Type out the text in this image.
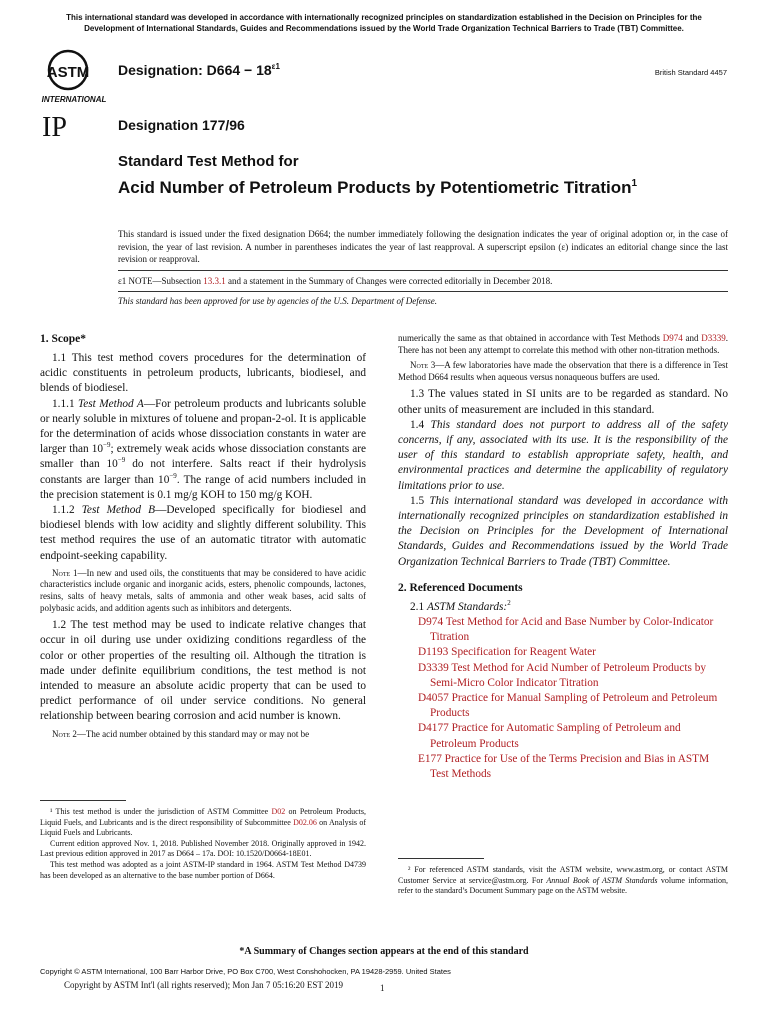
This international standard was developed in accordance with internationally recognized principles on standardization established in the Decision on Principles for the Development of International Standards, Guides and Recommendations issued by the World Trade Organization Technical Barriers to Trade (TBT) Committee.
ASTM
INTERNATIONAL
IP
Designation: $D664 - 18^{\varepsilon 1}$
British Standard 4457
Designation 177/96
Standard Test Method for
Acid Number of Petroleum Products by Potentiometric Titration$^1$

This standard is issued under the fixed designation D664; the number immediately following the designation indicates the year of original adoption or, in the case of revision, the year of last revision. A number in parentheses indicates the year of last reapproval. A superscript epsilon (ε) indicates an editorial change since the last revision or reapproval.

ε1 NOTE—Subsection 13.3.1 and a statement in the Summary of Changes were corrected editorially in December 2018.

This standard has been approved for use by agencies of the U.S. Department of Defense.

1. Scope*

1.1 This test method covers procedures for the determination of acidic constituents in petroleum products, lubricants, biodiesel, and blends of biodiesel.

1.1.1 Test Method A—For petroleum products and lubricants soluble or nearly soluble in mixtures of toluene and propan-2-ol. It is applicable for the determination of acids whose dissociation constants in water are larger than $10^{-9}$; extremely weak acids whose dissociation constants are smaller than $10^{-9}$ do not interfere. Salts react if their hydrolysis constants are larger than $10^{-9}$. The range of acid numbers included in the precision statement is 0.1 mg/g KOH to 150 mg/g KOH.

1.1.2 Test Method B—Developed specifically for biodiesel and biodiesel blends with low acidity and slightly different solubility. This test method requires the use of an automatic titrator with automatic endpoint-seeking capability.

Note 1—In new and used oils, the constituents that may be considered to have acidic characteristics include organic and inorganic acids, esters, phenolic compounds, lactones, resins, salts of heavy metals, salts of ammonia and other weak bases, acid salts of polybasic acids, and addition agents such as inhibitors and detergents.

1.2 The test method may be used to indicate relative changes that occur in oil during use under oxidizing conditions regardless of the color or other properties of the resulting oil. Although the titration is made under definite equilibrium conditions, the test method is not intended to measure an absolute acidic property that can be used to predict performance of oil under service conditions. No general relationship between bearing corrosion and acid number is known.

Note 2—The acid number obtained by this standard may or may not be

¹ This test method is under the jurisdiction of ASTM Committee D02 on Petroleum Products, Liquid Fuels, and Lubricants and is the direct responsibility of Subcommittee D02.06 on Analysis of Liquid Fuels and Lubricants.

Current edition approved Nov. 1, 2018. Published November 2018. Originally approved in 1942. Last previous edition approved in 2017 as D664 – 17a. DOI: 10.1520/D0664-18E01.

This test method was adopted as a joint ASTM-IP standard in 1964. ASTM Test Method D4739 has been developed as an alternative to the base number portion of D664.

numerically the same as that obtained in accordance with Test Methods D974 and D3339. There has not been any attempt to correlate this method with other non-titration methods.

Note 3—A few laboratories have made the observation that there is a difference in Test Method D664 results when aqueous versus nonaqueous buffers are used.

1.3 The values stated in SI units are to be regarded as standard. No other units of measurement are included in this standard.

1.4 This standard does not purport to address all of the safety concerns, if any, associated with its use. It is the responsibility of the user of this standard to establish appropriate safety, health, and environmental practices and determine the applicability of regulatory limitations prior to use.

1.5 This international standard was developed in accordance with internationally recognized principles on standardization established in the Decision on Principles for the Development of International Standards, Guides and Recommendations issued by the World Trade Organization Technical Barriers to Trade (TBT) Committee.

2. Referenced Documents

2.1 ASTM Standards:$^2$

D974 Test Method for Acid and Base Number by Color-Indicator Titration

D1193 Specification for Reagent Water

D3339 Test Method for Acid Number of Petroleum Products by Semi-Micro Color Indicator Titration

D4057 Practice for Manual Sampling of Petroleum and Petroleum Products

D4177 Practice for Automatic Sampling of Petroleum and Petroleum Products

E177 Practice for Use of the Terms Precision and Bias in ASTM Test Methods

² For referenced ASTM standards, visit the ASTM website, www.astm.org, or contact ASTM Customer Service at service@astm.org. For Annual Book of ASTM Standards volume information, refer to the standard’s Document Summary page on the ASTM website.

*A Summary of Changes section appears at the end of this standard
Copyright © ASTM International, 100 Barr Harbor Drive, PO Box C700, West Conshohocken, PA 19428-2959. United States
Copyright by ASTM Int'l (all rights reserved); Mon Jan 7 05:16:20 EST 2019	1
